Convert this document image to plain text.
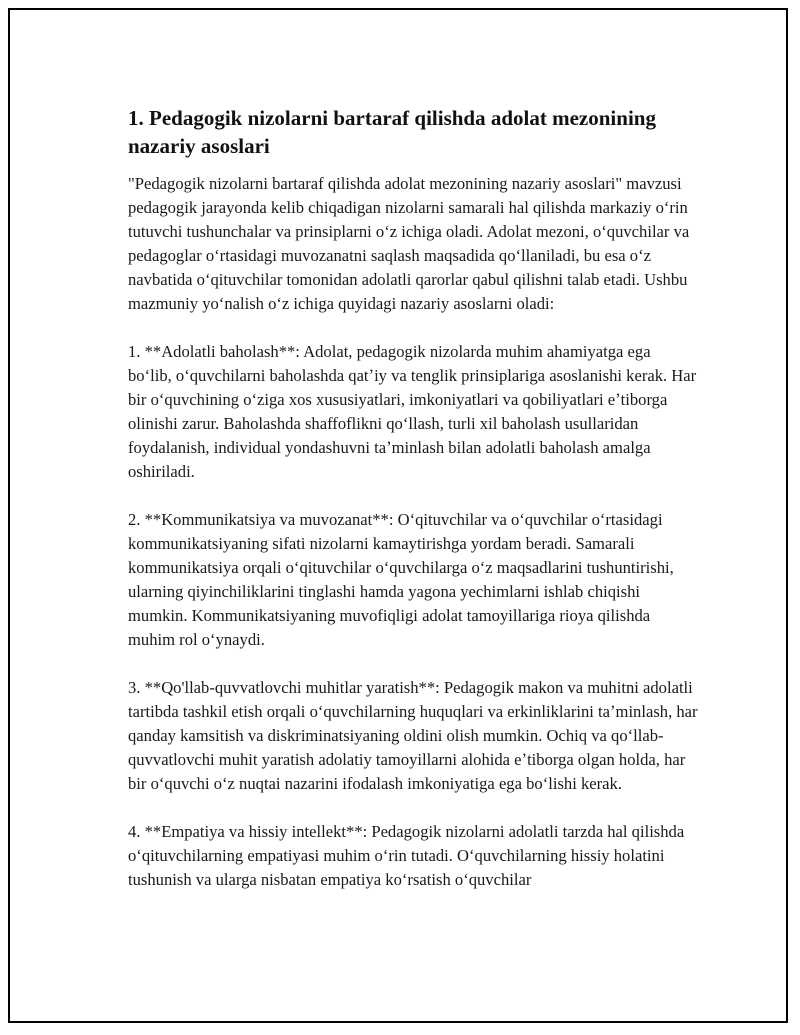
1. Pedagogik nizolarni bartaraf qilishda adolat mezonining nazariy asoslari

"Pedagogik nizolarni bartaraf qilishda adolat mezonining nazariy asoslari" mavzusi pedagogik jarayonda kelib chiqadigan nizolarni samarali hal qilishda markaziy oʻrin tutuvchi tushunchalar va prinsiplarni oʻz ichiga oladi. Adolat mezoni, oʻquvchilar va pedagoglar oʻrtasidagi muvozanatni saqlash maqsadida qoʻllaniladi, bu esa oʻz navbatida oʻqituvchilar tomonidan adolatli qarorlar qabul qilishni talab etadi. Ushbu mazmuniy yoʻnalish oʻz ichiga quyidagi nazariy asoslarni oladi:

1. **Adolatli baholash**: Adolat, pedagogik nizolarda muhim ahamiyatga ega boʻlib, oʻquvchilarni baholashda qatʼiy va tenglik prinsiplariga asoslanishi kerak. Har bir oʻquvchining oʻziga xos xususiyatlari, imkoniyatlari va qobiliyatlari eʼtiborga olinishi zarur. Baholashda shaffoflikni qoʻllash, turli xil baholash usullaridan foydalanish, individual yondashuvni taʼminlash bilan adolatli baholash amalga oshiriladi.

2. **Kommunikatsiya va muvozanat**: Oʻqituvchilar va oʻquvchilar oʻrtasidagi kommunikatsiyaning sifati nizolarni kamaytirishga yordam beradi. Samarali kommunikatsiya orqali oʻqituvchilar oʻquvchilarga oʻz maqsadlarini tushuntirishi, ularning qiyinchiliklarini tinglashi hamda yagona yechimlarni ishlab chiqishi mumkin. Kommunikatsiyaning muvofiqligi adolat tamoyillariga rioya qilishda muhim rol oʻynaydi.

3. **Qo'llab-quvvatlovchi muhitlar yaratish**: Pedagogik makon va muhitni adolatli tartibda tashkil etish orqali oʻquvchilarning huquqlari va erkinliklarini taʼminlash, har qanday kamsitish va diskriminatsiyaning oldini olish mumkin. Ochiq va qoʻllab-quvvatlovchi muhit yaratish adolatiy tamoyillarni alohida eʼtiborga olgan holda, har bir oʻquvchi oʻz nuqtai nazarini ifodalash imkoniyatiga ega boʻlishi kerak.

4. **Empatiya va hissiy intellekt**: Pedagogik nizolarni adolatli tarzda hal qilishda oʻqituvchilarning empatiyasi muhim oʻrin tutadi. Oʻquvchilarning hissiy holatini tushunish va ularga nisbatan empatiya koʻrsatish oʻquvchilar
